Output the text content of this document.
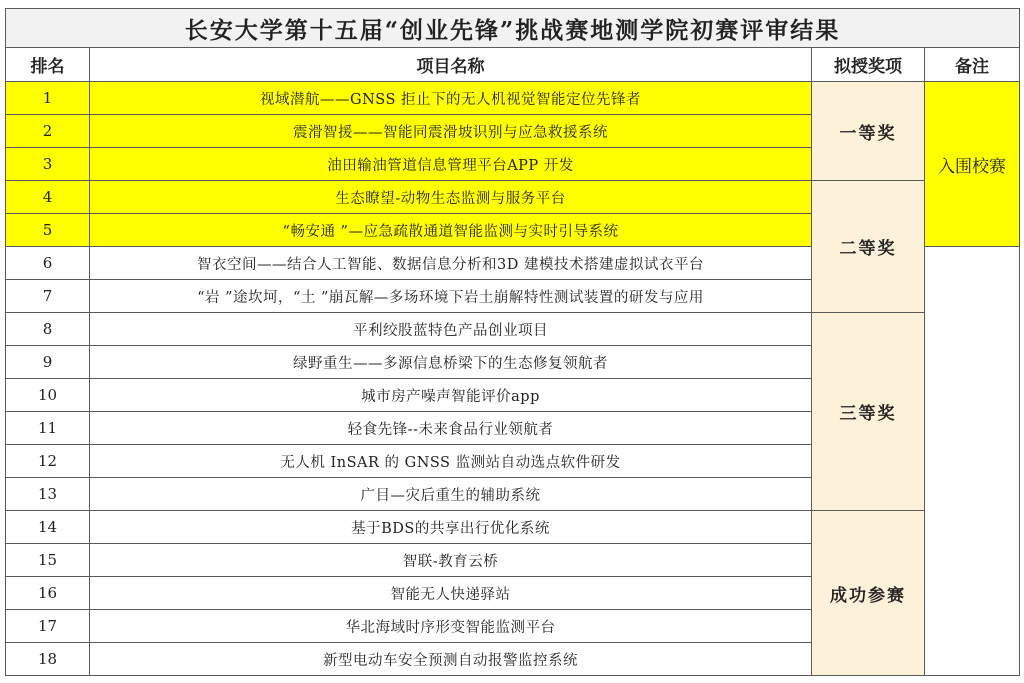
长安大学第十五届“创业先锋”挑战赛地测学院初赛评审结果			
排名	项目名称	拟授奖项	备注
1	视域潜航——GNSS 拒止下的无人机视觉智能定位先锋者	一等奖	入围校赛
2	震滑智援——智能同震滑坡识别与应急救援系统		
3	油田输油管道信息管理平台APP 开发		
4	生态瞭望-动物生态监测与服务平台	二等奖	
5	“畅安通 ”—应急疏散通道智能监测与实时引导系统		
6	智衣空间——结合人工智能、数据信息分析和3D 建模技术搭建虚拟试衣平台		
7	“岩 ”途坎坷，“土 ”崩瓦解—多场环境下岩土崩解特性测试装置的研发与应用		
8	平利绞股蓝特色产品创业项目	三等奖	
9	绿野重生——多源信息桥梁下的生态修复领航者		
10	城市房产噪声智能评价app		
11	轻食先锋--未来食品行业领航者		
12	无人机 InSAR 的 GNSS 监测站自动选点软件研发		
13	广目—灾后重生的辅助系统		
14	基于BDS的共享出行优化系统	成功参赛	
15	智联-教育云桥		
16	智能无人快递驿站		
17	华北海域时序形变智能监测平台		
18	新型电动车安全预测自动报警监控系统		
